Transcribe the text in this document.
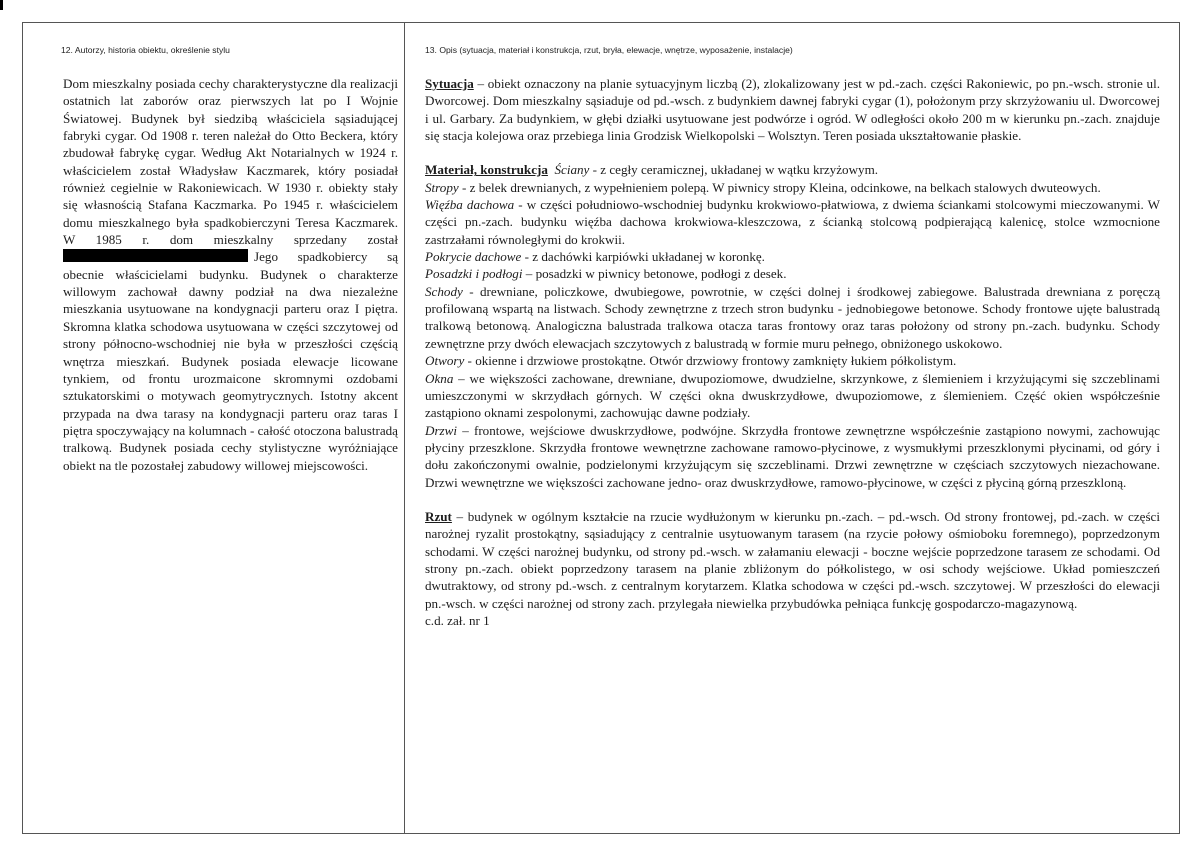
12. Autorzy, historia obiektu, określenie stylu

Dom mieszkalny posiada cechy charakterystyczne dla realizacji ostatnich lat zaborów oraz pierwszych lat po I Wojnie Światowej. Budynek był siedzibą właściciela sąsiadującej fabryki cygar. Od 1908 r. teren należał do Otto Beckera, który zbudował fabrykę cygar. Według Akt Notarialnych w 1924 r. właścicielem został Władysław Kaczmarek, który posiadał również cegielnie w Rakoniewicach. W 1930 r. obiekty stały się własnością Stafana Kaczmarka. Po 1945 r. właścicielem domu mieszkalnego była spadkobierczyni Teresa Kaczmarek. W 1985 r. dom mieszkalny sprzedany został Jego spadkobiercy są obecnie właścicielami budynku. Budynek o charakterze willowym zachował dawny podział na dwa niezależne mieszkania usytuowane na kondygnacji parteru oraz I piętra. Skromna klatka schodowa usytuowana w części szczytowej od strony północno-wschodniej nie była w przeszłości częścią wnętrza mieszkań. Budynek posiada elewacje licowane tynkiem, od frontu urozmaicone skromnymi ozdobami sztukatorskimi o motywach geomytrycznych. Istotny akcent przypada na dwa tarasy na kondygnacji parteru oraz taras I piętra spoczywający na kolumnach - całość otoczona balustradą tralkową. Budynek posiada cechy stylistyczne wyróżniające obiekt na tle pozostałej zabudowy willowej miejscowości.

13. Opis (sytuacja, materiał i konstrukcja, rzut, bryła, elewacje, wnętrze, wyposażenie, instalacje)

Sytuacja – obiekt oznaczony na planie sytuacyjnym liczbą (2), zlokalizowany jest w pd.-zach. części Rakoniewic, po pn.-wsch. stronie ul. Dworcowej. Dom mieszkalny sąsiaduje od pd.-wsch. z budynkiem dawnej fabryki cygar (1), położonym przy skrzyżowaniu ul. Dworcowej i ul. Garbary. Za budynkiem, w głębi działki usytuowane jest podwórze i ogród. W odległości około 200 m w kierunku pn.-zach. znajduje się stacja kolejowa oraz przebiega linia Grodzisk Wielkopolski – Wolsztyn. Teren posiada ukształtowanie płaskie.

Materiał, konstrukcja Ściany - z cegły ceramicznej, układanej w wątku krzyżowym.

Stropy - z belek drewnianych, z wypełnieniem polepą. W piwnicy stropy Kleina, odcinkowe, na belkach stalowych dwuteowych.

Więźba dachowa - w części południowo-wschodniej budynku krokwiowo-płatwiowa, z dwiema ściankami stolcowymi mieczowanymi. W części pn.-zach. budynku więźba dachowa krokwiowa-kleszczowa, z ścianką stolcową podpierającą kalenicę, stolce wzmocnione zastrzałami równoległymi do krokwii.

Pokrycie dachowe - z dachówki karpiówki układanej w koronkę.

Posadzki i podłogi – posadzki w piwnicy betonowe, podłogi z desek.

Schody - drewniane, policzkowe, dwubiegowe, powrotnie, w części dolnej i środkowej zabiegowe. Balustrada drewniana z poręczą profilowaną wspartą na listwach. Schody zewnętrzne z trzech stron budynku - jednobiegowe betonowe. Schody frontowe ujęte balustradą tralkową betonową. Analogiczna balustrada tralkowa otacza taras frontowy oraz taras położony od strony pn.-zach. budynku. Schody zewnętrzne przy dwóch elewacjach szczytowych z balustradą w formie muru pełnego, obniżonego uskokowo.

Otwory - okienne i drzwiowe prostokątne. Otwór drzwiowy frontowy zamknięty łukiem półkolistym.

Okna – we większości zachowane, drewniane, dwupoziomowe, dwudzielne, skrzynkowe, z ślemieniem i krzyżującymi się szczeblinami umieszczonymi w skrzydłach górnych. W części okna dwuskrzydłowe, dwupoziomowe, z ślemieniem. Część okien współcześnie zastąpiono oknami zespolonymi, zachowując dawne podziały.

Drzwi – frontowe, wejściowe dwuskrzydłowe, podwójne. Skrzydła frontowe zewnętrzne współcześnie zastąpiono nowymi, zachowując płyciny przeszklone. Skrzydła frontowe wewnętrzne zachowane ramowo-płycinowe, z wysmukłymi przeszklonymi płycinami, od góry i dołu zakończonymi owalnie, podzielonymi krzyżującym się szczeblinami. Drzwi zewnętrzne w częściach szczytowych niezachowane. Drzwi wewnętrzne we większości zachowane jedno- oraz dwuskrzydłowe, ramowo-płycinowe, w części z płyciną górną przeszkloną.

Rzut – budynek w ogólnym kształcie na rzucie wydłużonym w kierunku pn.-zach. – pd.-wsch. Od strony frontowej, pd.-zach. w części narożnej ryzalit prostokątny, sąsiadujący z centralnie usytuowanym tarasem (na rzycie połowy ośmioboku foremnego), poprzedzonym schodami. W części narożnej budynku, od strony pd.-wsch. w załamaniu elewacji - boczne wejście poprzedzone tarasem ze schodami. Od strony pn.-zach. obiekt poprzedzony tarasem na planie zbliżonym do półkolistego, w osi schody wejściowe. Układ pomieszczeń dwutraktowy, od strony pd.-wsch. z centralnym korytarzem. Klatka schodowa w części pd.-wsch. szczytowej. W przeszłości do elewacji pn.-wsch. w części narożnej od strony zach. przylegała niewielka przybudówka pełniąca funkcję gospodarczo-magazynową.

c.d. zał. nr 1
